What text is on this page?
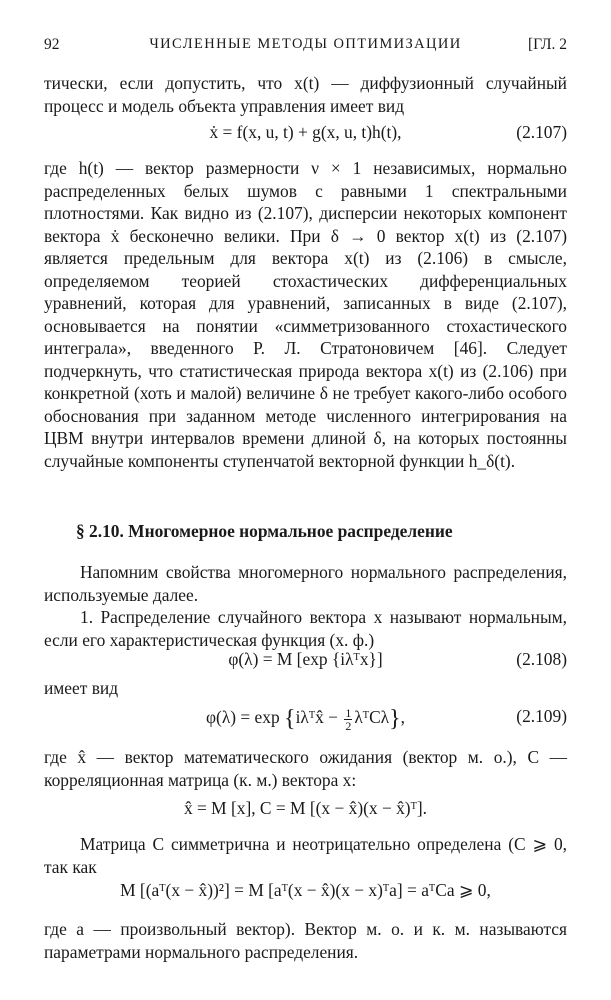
92	ЧИСЛЕННЫЕ МЕТОДЫ ОПТИМИЗАЦИИ	[ГЛ. 2

тически, если допустить, что x(t) — диффузионный случайный процесс и модель объекта управления имеет вид

ẋ = f(x, u, t) + g(x, u, t)h(t),	(2.107)

где h(t) — вектор размерности ν × 1 независимых, нормально распределенных белых шумов с равными 1 спектральными плотностями. Как видно из (2.107), дисперсии некоторых компонент вектора ẋ бесконечно велики. При δ → 0 вектор x(t) из (2.107) является предельным для вектора x(t) из (2.106) в смысле, определяемом теорией стохастических дифференциальных уравнений, которая для уравнений, записанных в виде (2.107), основывается на понятии «симметризованного стохастического интеграла», введенного Р. Л. Стратоновичем [46]. Следует подчеркнуть, что статистическая природа вектора x(t) из (2.106) при конкретной (хоть и малой) величине δ не требует какого-либо особого обоснования при заданном методе численного интегрирования на ЦВМ внутри интервалов времени длиной δ, на которых постоянны случайные компоненты ступенчатой векторной функции h_δ(t).

§ 2.10. Многомерное нормальное распределение

Напомним свойства многомерного нормального распределения, используемые далее.

1. Распределение случайного вектора x называют нормальным, если его характеристическая функция (х. ф.)

φ(λ) = M [exp {iλᵀx}]	(2.108)

имеет вид

φ(λ) = exp {iλᵀx̂ − $\frac{1}{2}$ λᵀCλ},	(2.109)

где x̂ — вектор математического ожидания (вектор м. о.), C — корреляционная матрица (к. м.) вектора x:

x̂ = M [x], C = M [(x − x̂)(x − x̂)ᵀ].

Матрица C симметрична и неотрицательно определена (C ⩾ 0, так как

M [(aᵀ(x − x̂))²] = M [aᵀ(x − x̂)(x − x)ᵀa] = aᵀCa ⩾ 0,

где a — произвольный вектор). Вектор м. о. и к. м. называются параметрами нормального распределения.
